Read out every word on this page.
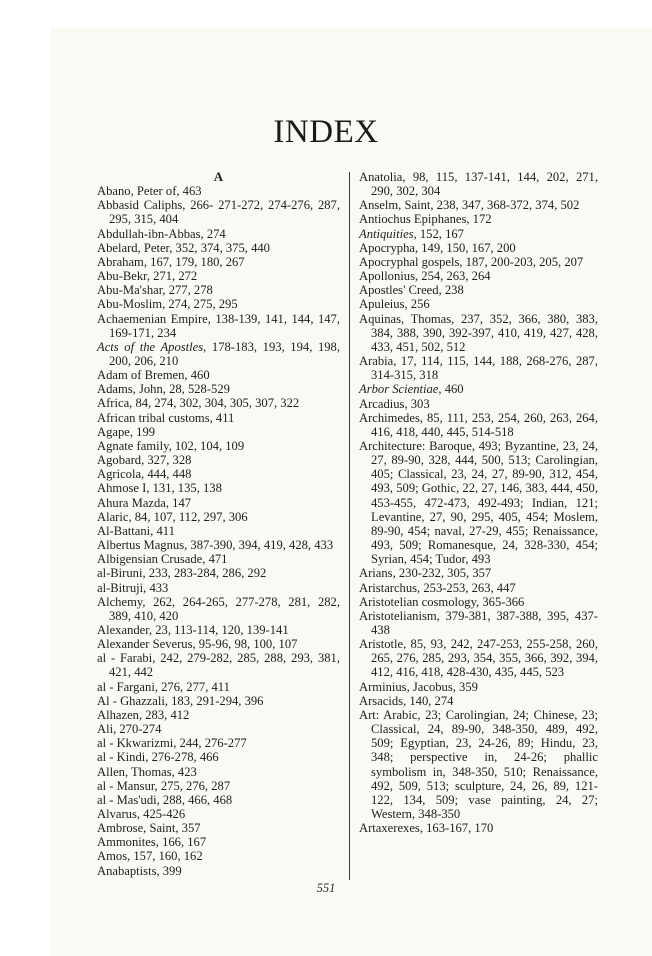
INDEX
A
Abano, Peter of, 463
Abbasid Caliphs, 266- 271-272, 274-276, 287, 295, 315, 404
Abdullah-ibn-Abbas, 274
Abelard, Peter, 352, 374, 375, 440
Abraham, 167, 179, 180, 267
Abu-Bekr, 271, 272
Abu-Ma'shar, 277, 278
Abu-Moslim, 274, 275, 295
Achaemenian Empire, 138-139, 141, 144, 147, 169-171, 234
Acts of the Apostles, 178-183, 193, 194, 198, 200, 206, 210
Adam of Bremen, 460
Adams, John, 28, 528-529
Africa, 84, 274, 302, 304, 305, 307, 322
African tribal customs, 411
Agape, 199
Agnate family, 102, 104, 109
Agobard, 327, 328
Agricola, 444, 448
Ahmose I, 131, 135, 138
Ahura Mazda, 147
Alaric, 84, 107, 112, 297, 306
Al-Battani, 411
Albertus Magnus, 387-390, 394, 419, 428, 433
Albigensian Crusade, 471
al-Biruni, 233, 283-284, 286, 292
al-Bitruji, 433
Alchemy, 262, 264-265, 277-278, 281, 282, 389, 410, 420
Alexander, 23, 113-114, 120, 139-141
Alexander Severus, 95-96, 98, 100, 107
al - Farabi, 242, 279-282, 285, 288, 293, 381, 421, 442
al - Fargani, 276, 277, 411
Al - Ghazzali, 183, 291-294, 396
Alhazen, 283, 412
Ali, 270-274
al - Kkwarizmi, 244, 276-277
al - Kindi, 276-278, 466
Allen, Thomas, 423
al - Mansur, 275, 276, 287
al - Mas'udi, 288, 466, 468
Alvarus, 425-426
Ambrose, Saint, 357
Ammonites, 166, 167
Amos, 157, 160, 162
Anabaptists, 399
Anatolia, 98, 115, 137-141, 144, 202, 271, 290, 302, 304
Anselm, Saint, 238, 347, 368-372, 374, 502
Antiochus Epiphanes, 172
Antiquities, 152, 167
Apocrypha, 149, 150, 167, 200
Apocryphal gospels, 187, 200-203, 205, 207
Apollonius, 254, 263, 264
Apostles' Creed, 238
Apuleius, 256
Aquinas, Thomas, 237, 352, 366, 380, 383, 384, 388, 390, 392-397, 410, 419, 427, 428, 433, 451, 502, 512
Arabia, 17, 114, 115, 144, 188, 268-276, 287, 314-315, 318
Arbor Scientiae, 460
Arcadius, 303
Archimedes, 85, 111, 253, 254, 260, 263, 264, 416, 418, 440, 445, 514-518
Architecture: Baroque, 493; Byzantine, 23, 24, 27, 89-90, 328, 444, 500, 513; Carolingian, 405; Classical, 23, 24, 27, 89-90, 312, 454, 493, 509; Gothic, 22, 27, 146, 383, 444, 450, 453-455, 472-473, 492-493; Indian, 121; Levantine, 27, 90, 295, 405, 454; Moslem, 89-90, 454; naval, 27-29, 455; Renaissance, 493, 509; Romanesque, 24, 328-330, 454; Syrian, 454; Tudor, 493
Arians, 230-232, 305, 357
Aristarchus, 253-253, 263, 447
Aristotelian cosmology, 365-366
Aristotelianism, 379-381, 387-388, 395, 437-438
Aristotle, 85, 93, 242, 247-253, 255-258, 260, 265, 276, 285, 293, 354, 355, 366, 392, 394, 412, 416, 418, 428-430, 435, 445, 523
Arminius, Jacobus, 359
Arsacids, 140, 274
Art: Arabic, 23; Carolingian, 24; Chinese, 23; Classical, 24, 89-90, 348-350, 489, 492, 509; Egyptian, 23, 24-26, 89; Hindu, 23, 348; perspective in, 24-26; phallic symbolism in, 348-350, 510; Renaissance, 492, 509, 513; sculpture, 24, 26, 89, 121-122, 134, 509; vase painting, 24, 27; Western, 348-350
Artaxerexes, 163-167, 170
551
